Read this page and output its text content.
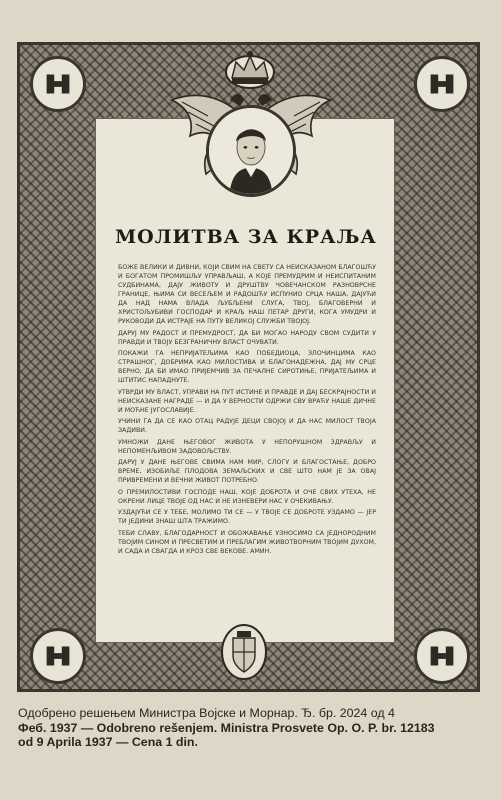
МОЛИТВА ЗА КРАЉА

БОЖЕ ВЕЛИКИ И ДИВНИ, КОЈИ СВИМ НА СВЕТУ СА НЕИСКАЗАНОМ БЛАГОШЋУ И БОГАТОМ ПРОМИШЉУ УПРАВЉАШ, А КОЈЕ ПРЕМУДРИМ И НЕИСПИТАНИМ СУДБИНАМА, ДАЈУ ЖИВОТУ И ДРУШТВУ ЧОВЕЧАНСКОМ РАЗНОВРСНЕ ГРАНИЦЕ, ЊИМА СИ ВЕСЕЉЕМ И РАДОШЋУ ИСПУНИО СРЦА НАША, ДАЈУЋИ ДА НАД НАМА ВЛАДА ЉУБЉЕНИ СЛУГА, ТВОЈ, БЛАГОВЕРНИ И ХРИСТОЉУБИВИ ГОСПОДАР И КРАЉ НАШ ПЕТАР ДРУГИ, КОГА УМУДРИ И РУКОВОДИ ДА ИСТРАЈЕ НА ПУТУ ВЕЛИКОЈ СЛУЖБИ ТВОЈОЈ.

ДАРУЈ МУ РАДОСТ И ПРЕМУДРОСТ, ДА БИ МОГАО НАРОДУ СВОМ СУДИТИ У ПРАВДИ И ТВОЈУ БЕЗГРАНИЧНУ ВЛАСТ ОЧУВАТИ.

ПОКАЖИ ГА НЕПРИЈАТЕЉИМА КАО ПОБЕДИОЦА, ЗЛОЧИНЦИМА КАО СТРАШНОГ, ДОБРИМА КАО МИЛОСТИВА И БЛАГОНАДЕЖНА, ДАЈ МУ СРЦЕ ВЕРНО, ДА БИ ИМАО ПРИЈЕМЧИВ ЗА ПЕЧАЛНЕ СИРОТИЊЕ, ПРИЈАТЕЉИМА И ШТИТИС НАПАДНУТЕ.

УТВРДИ МУ ВЛАСТ, УПРАВИ НА ПУТ ИСТИНЕ И ПРАВДЕ И ДАЈ БЕСКРАЈНОСТИ И НЕИСКАЗАНЕ НАГРАДЕ — И ДА У ВЕРНОСТИ ОДРЖИ СВУ ВРАЋУ НАШЕ ДИЧНЕ И МОЋНЕ ЈУГОСЛАВИЈЕ.

УЧИНИ ГА ДА СЕ КАО ОТАЦ РАДУЈЕ ДЕЦИ СВОЈОЈ И ДА НАС МИЛОСТ ТВОЈА ЗАДИВИ.

УМНОЖИ ДАНЕ ЊЕГОВОГ ЖИВОТА У НЕПОРУШНОМ ЗДРАВЉУ И НЕПОМЕНЉИВОМ ЗАДОВОЉСТВУ.

ДАРУЈ У ДАНЕ ЊЕГОВЕ СВИМА НАМ МИР, СЛОГУ И БЛАГОСТАЊЕ, ДОБРО ВРЕМЕ, ИЗОБИЉЕ ПЛОДОВА ЗЕМАЉСКИХ И СВЕ ШТО НАМ ЈЕ ЗА ОВАЈ ПРИВРЕМЕНИ И ВЕЧНИ ЖИВОТ ПОТРЕБНО.

О ПРЕМИЛОСТИВИ ГОСПОДЕ НАШ, КОЈЕ ДОБРОТА И ОЧЕ СВИХ УТЕХА, НЕ ОКРЕНИ ЛИЦЕ ТВОЈЕ ОД НАС И НЕ ИЗНЕВЕРИ НАС У ОЧЕКИВАЊУ.

УЗДАЈУЋИ СЕ У ТЕБЕ, МОЛИМО ТИ СЕ — У ТВОЈЕ СЕ ДОБРОТЕ УЗДАМО — ЈЕР ТИ ЈЕДИНИ ЗНАШ ШТА ТРАЖИМО.

ТЕБИ СЛАВУ, БЛАГОДАРНОСТ И ОБОЖАВАЊЕ УЗНОСИМО СА ЈЕДНОРОДНИМ ТВОЈИМ СИНОМ И ПРЕСВЕТИМ И ПРЕБЛАГИМ ЖИВОТВОРНИМ ТВОЈИМ ДУХОМ, И САДА И СВАГДА И КРОЗ СВЕ ВЕКОВЕ. АМИН.

Одобрено решењем Министра Војске и Морнар. Ђ. бр. 2024 од 4
Феб. 1937 — Odobreno rešenjem. Ministra Prosvete Op. O. P. br. 12183
od 9 Aprila 1937 — Cena 1 din.
